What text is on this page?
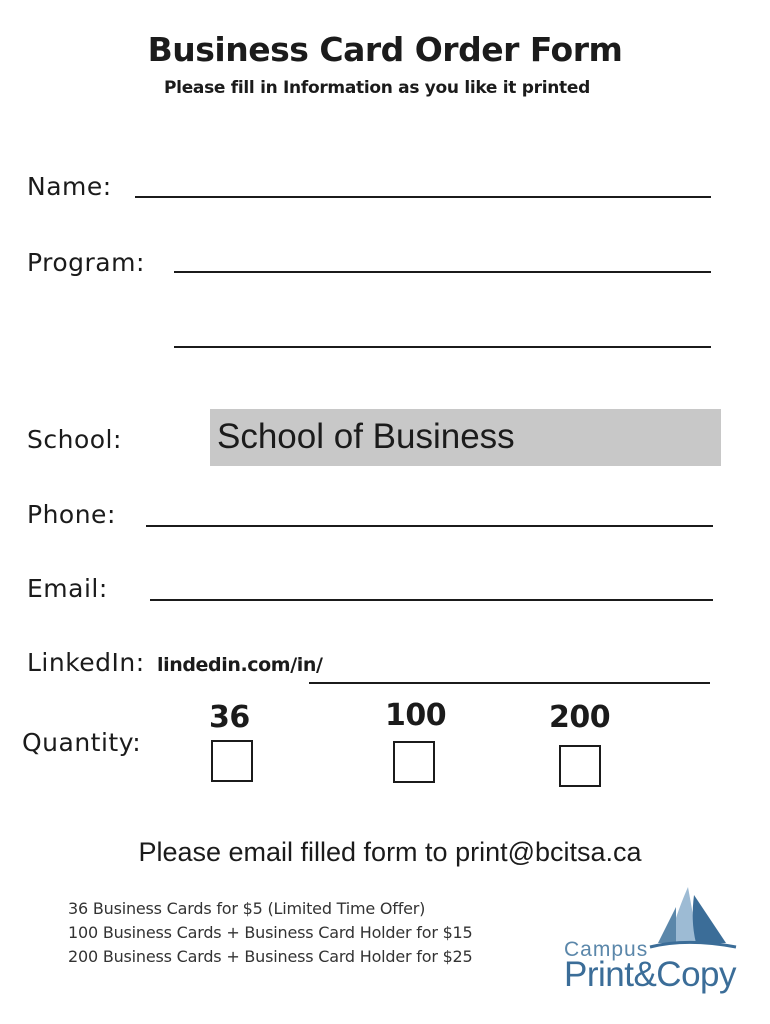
Business Card Order Form
Please fill in Information as you like it printed
Name:
Program:
School:	School of Business
Phone:
Email:
LinkedIn: lindedin.com/in/
Quantity:
36	100	200
Please email filled form to print@bcitsa.ca
36 Business Cards for $5 (Limited Time Offer)
100 Business Cards + Business Card Holder for $15
200 Business Cards + Business Card Holder for $25	Campus
Print&Copy
